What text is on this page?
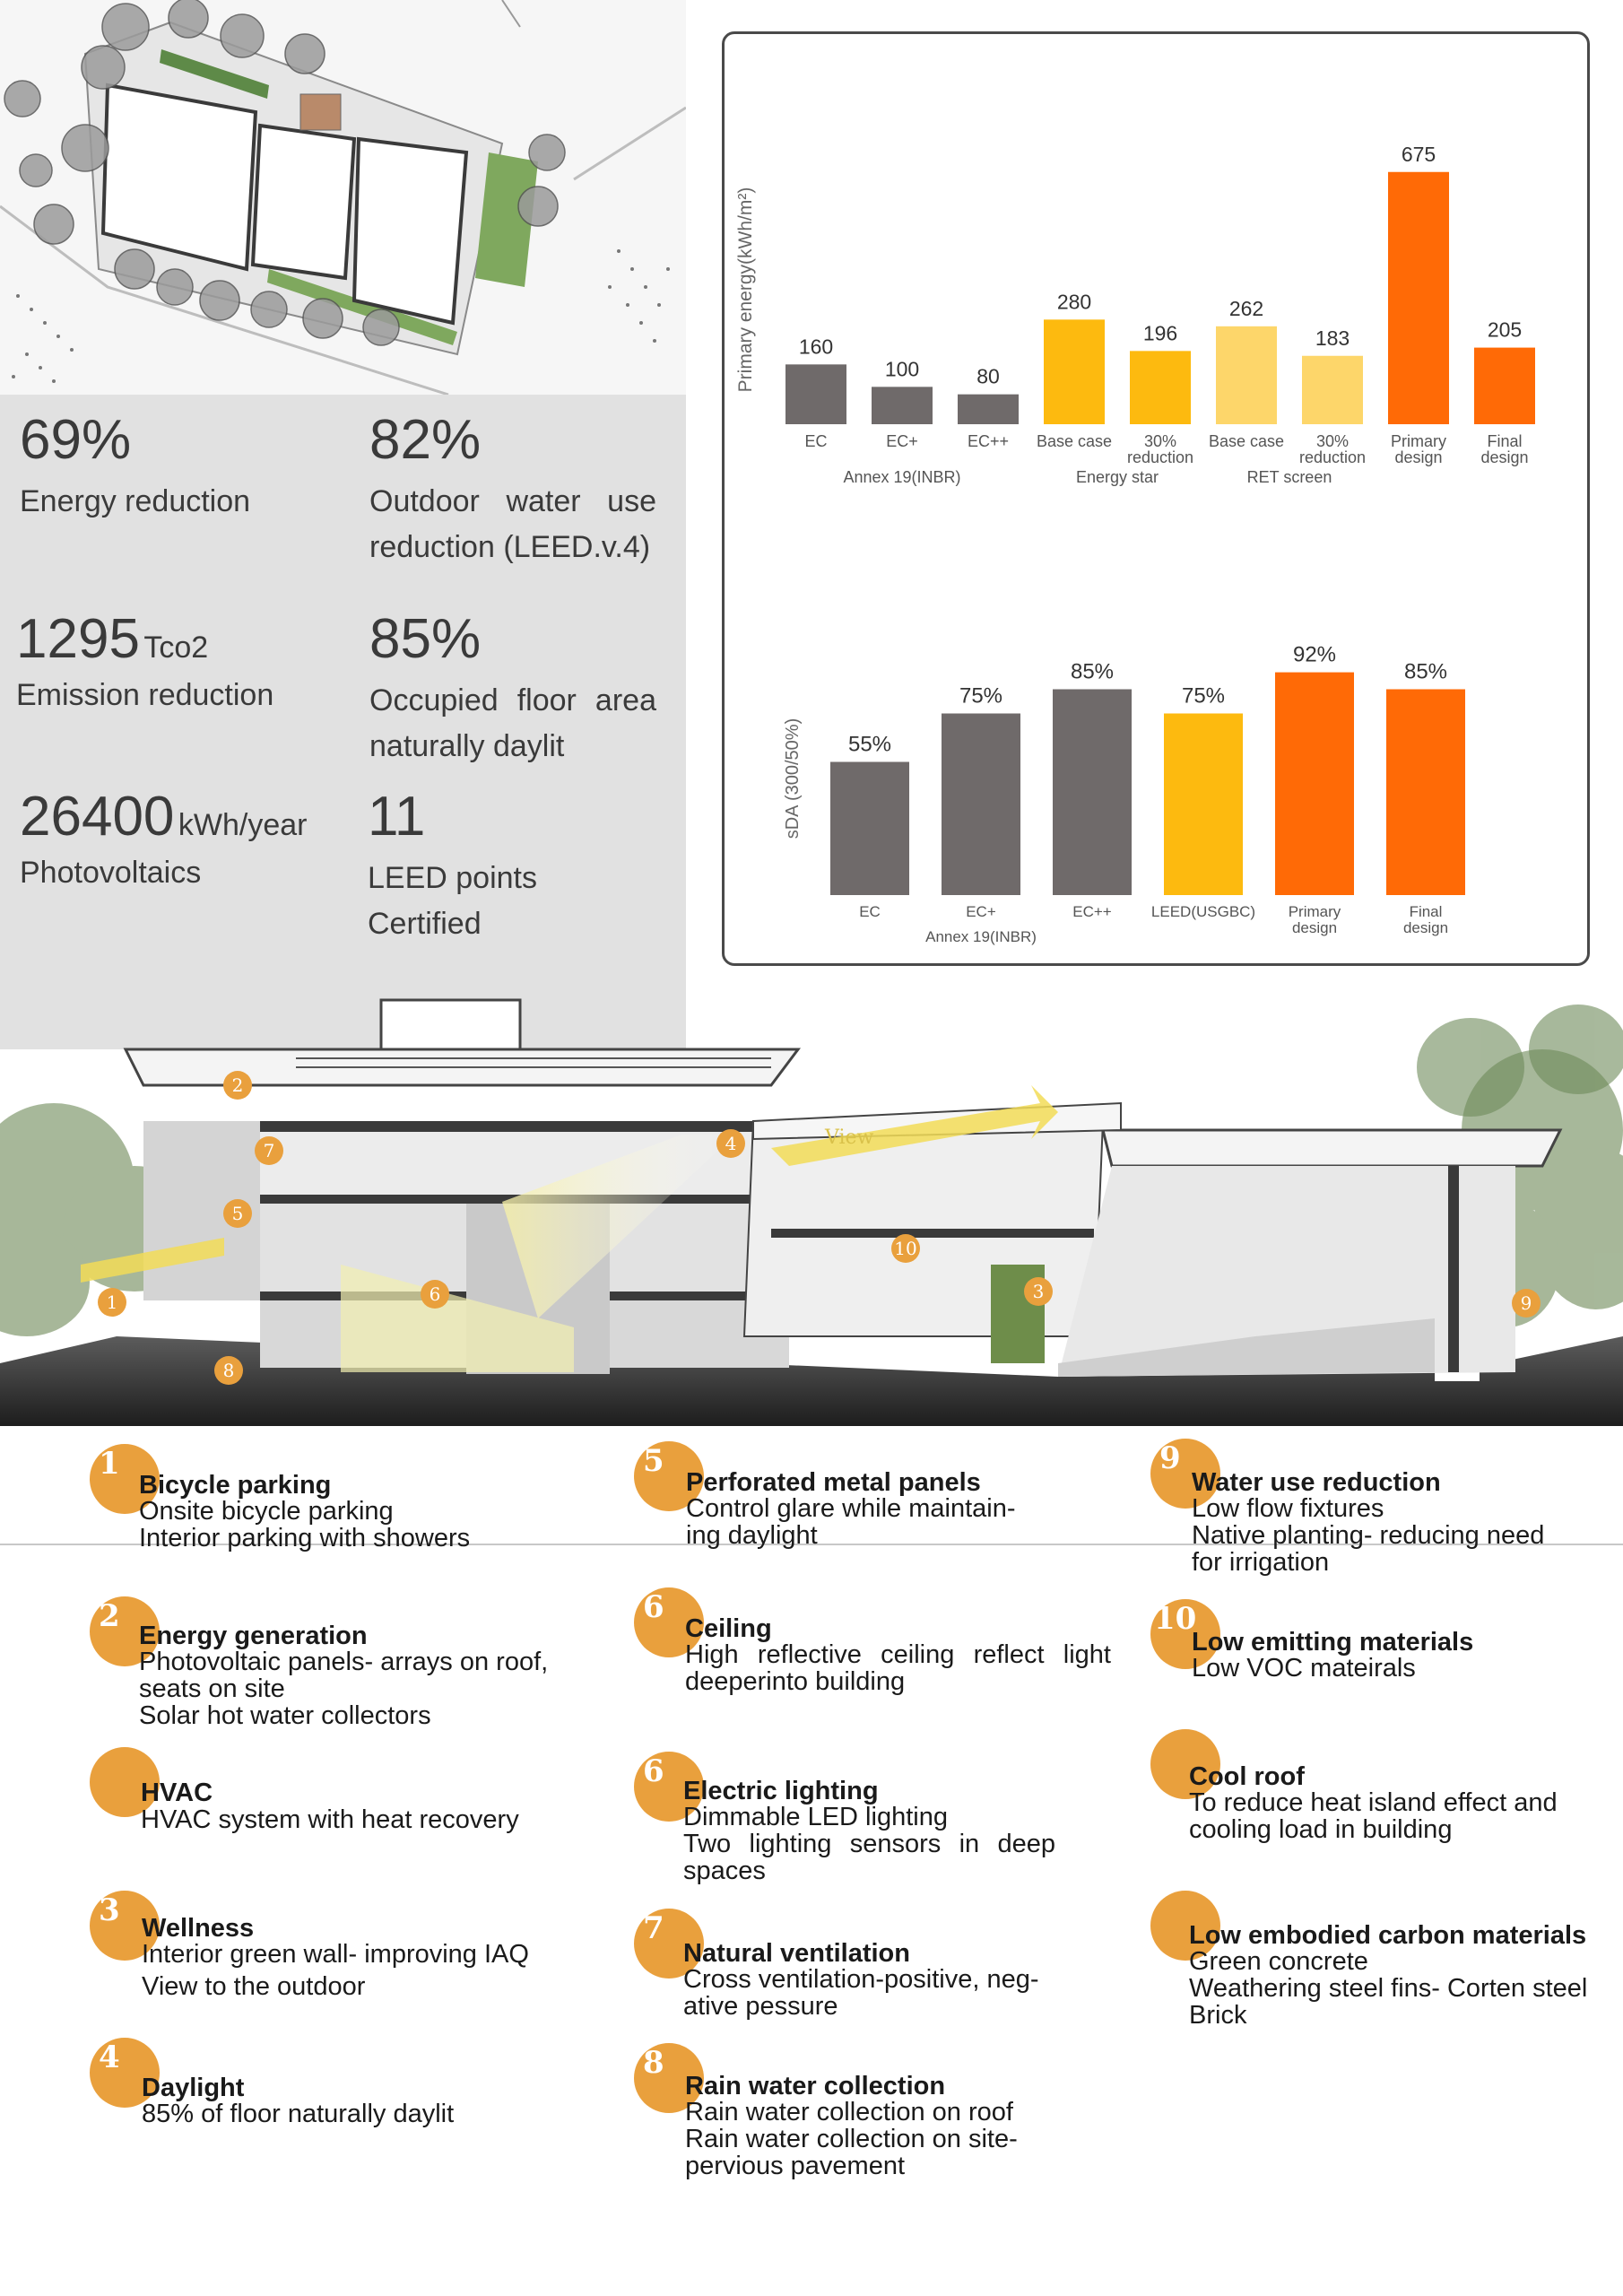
69%
Energy reduction
82%
Outdoor water use
reduction (LEED.v.4)
1295 Tco2
Emission reduction
85%
Occupied floor area
naturally daylit
26400 kWh/year
Photovoltaics
11
LEED points
Certified
160
EC
100
EC+
80
EC++
280
Base case
196
30%
reduction
262
Base case
183
30%
reduction
675
Primary
design
205
Final
design
Annex 19(INBR)	Energy star	RET screen
Primary energy(kWh/m²)
55%
EC
75%
EC+
85%
EC++
75%
LEED(USGBC)
92%
Primary
design
85%
Final
design
Annex 19(INBR)
sDA (300/50%)
View
1
2
3
4
5
6
7
8
9
10
1
Bicycle parking
Onsite bicycle parking
Interior parking with showers
2
Energy generation
Photovoltaic panels- arrays on roof,
seats on site
Solar hot water collectors
HVAC
HVAC system with heat recovery
3 Wellness
Interior green wall- improving IAQ
View to the outdoor
4
Daylight
85% of floor naturally daylit
5
Perforated metal panels
Control glare while maintain-
ing daylight
6
Ceiling
High reflective ceiling reflect light
deeperinto building
6
Electric lighting
Dimmable LED lighting
Two lighting sensors in deep
spaces
7
Natural ventilation
Cross ventilation-positive, neg-
ative pessure
8
Rain water collection
Rain water collection on roof
Rain water collection on site-
pervious pavement
9
Water use reduction
Low flow fixtures
Native planting- reducing need
for irrigation
10
Low emitting materials
Low VOC mateirals
Cool roof
To reduce heat island effect and
cooling load in building
Low embodied carbon materials
Green concrete
Weathering steel fins- Corten steel
Brick
